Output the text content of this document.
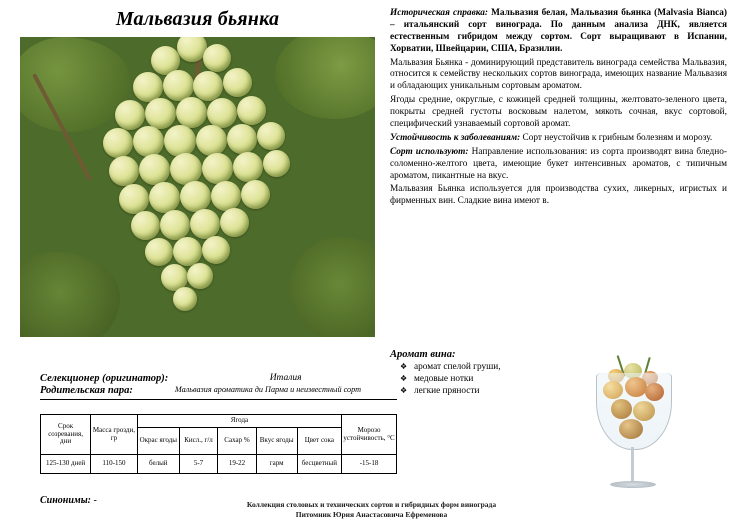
Мальвазия бьянка
Селекционер (оригинатор):	Италия
Родительская пара:	Мальвазия ароматика ди Парма и неизвестный сорт
Срок созревания, дни	Масса грозди, гр	Ягода					Морозо устойчивость, °С
		Окрас ягоды	Кисл., г/л	Сахар %	Вкус ягоды	Цвет сока	
125-130 дней	110-150	белый	5-7	19-22	гарм	бесцветный	-15-18
Синонимы: -

Историческая справка: Мальвазия белая, Мальвазия бьянка (Malvasia Bianca) – итальянский сорт винограда. По данным анализа ДНК, является естественным гибридом между сортом. Сорт выращивают в Испании, Хорватии, Швейцарии, США, Бразилии.

Мальвазия Бьянка - доминирующий представитель винограда семейства Мальвазия, относится к семейству нескольких сортов винограда, имеющих название Мальвазия и обладающих уникальным сортовым ароматом.

Ягоды средние, округлые, с кожицей средней толщины, желтовато-зеленого цвета, покрыты средней густоты восковым налетом, мякоть сочная, вкус сортовой, специфический узнаваемый сортовой аромат.

Устойчивость к заболеваниям: Сорт неустойчив к грибным болезням и морозу.

Сорт используют: Направление использования: из сорта производят вина бледно-соломенно-желтого цвета, имеющие букет интенсивных ароматов, с типичным ароматом, пикантные на вкус.

Мальвазия Бьянка используется для производства сухих, ликерных, игристых и фирменных вин. Сладкие вина имеют в.

Аромат вина:
❖ аромат спелой груши,
❖ медовые нотки
❖ легкие пряности
Коллекция столовых и технических сортов и гибридных форм винограда
Питомник Юрия Анастасовича Ефременова
